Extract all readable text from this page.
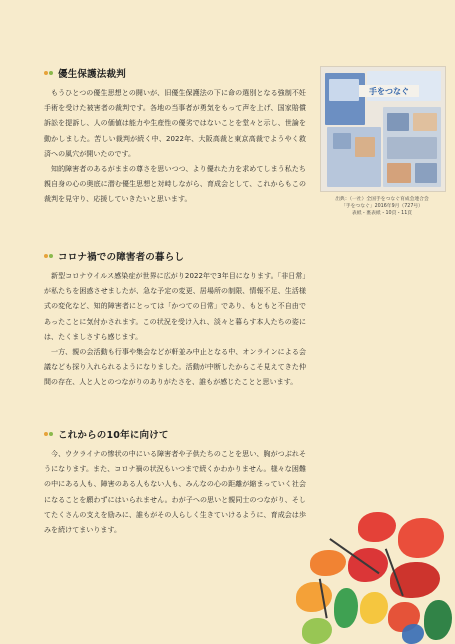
優生保護法裁判

もうひとつの優生思想との闘いが、旧優生保護法の下に命の選別となる強制不妊手術を受けた被害者の裁判です。各地の当事者が勇気をもって声を上げ、国家賠償訴訟を提訴し、人の価値は能力や生産性の優劣ではないことを堂々と示し、世論を動かしました。苦しい裁判が続く中、2022年、大阪高裁と東京高裁でようやく救済への風穴が開いたのです。

知的障害者のあるがままの尊さを思いつつ、より優れた力を求めてしまう私たち親自身の心の奥底に潜む優生思想と対峙しながら、育成会として、これからもこの裁判を見守り、応援していきたいと思います。

コロナ禍での障害者の暮らし

新型コロナウイルス感染症が世界に広がり2022年で3年目になります。「非日常」が私たちを困惑させましたが、急な予定の変更、居場所の制限、情報不足、生活様式の変化など、知的障害者にとっては「かつての日常」であり、もともと不自由であったことに気付かされます。この状況を受け入れ、淡々と暮らす本人たちの姿には、たくましさすら感じます。

一方、親の会活動も行事や集会などが軒並み中止となる中、オンラインによる会議なども採り入れられるようになりました。活動が中断したからこそ見えてきた仲間の存在、人と人とのつながりのありがたさを、誰もが感じたことと思います。

これからの10年に向けて

今、ウクライナの惨状の中にいる障害者や子供たちのことを思い、胸がつぶれそうになります。また、コロナ禍の状況もいつまで続くかわかりません。様々な困難の中にある人も、障害のある人もない人も、みんなの心の距離が縮まっていく社会になることを願わずにはいられません。わが子への思いと親同士のつながり、そしてたくさんの支えを励みに、誰もがその人らしく生きていけるように、育成会は歩みを続けてまいります。

手をつなぐ
出典：（一社）全国手をつなぐ育成会連合会
「手をつなぐ」2016年9月（727号）
表紙・裏表紙・10頁・11頁
